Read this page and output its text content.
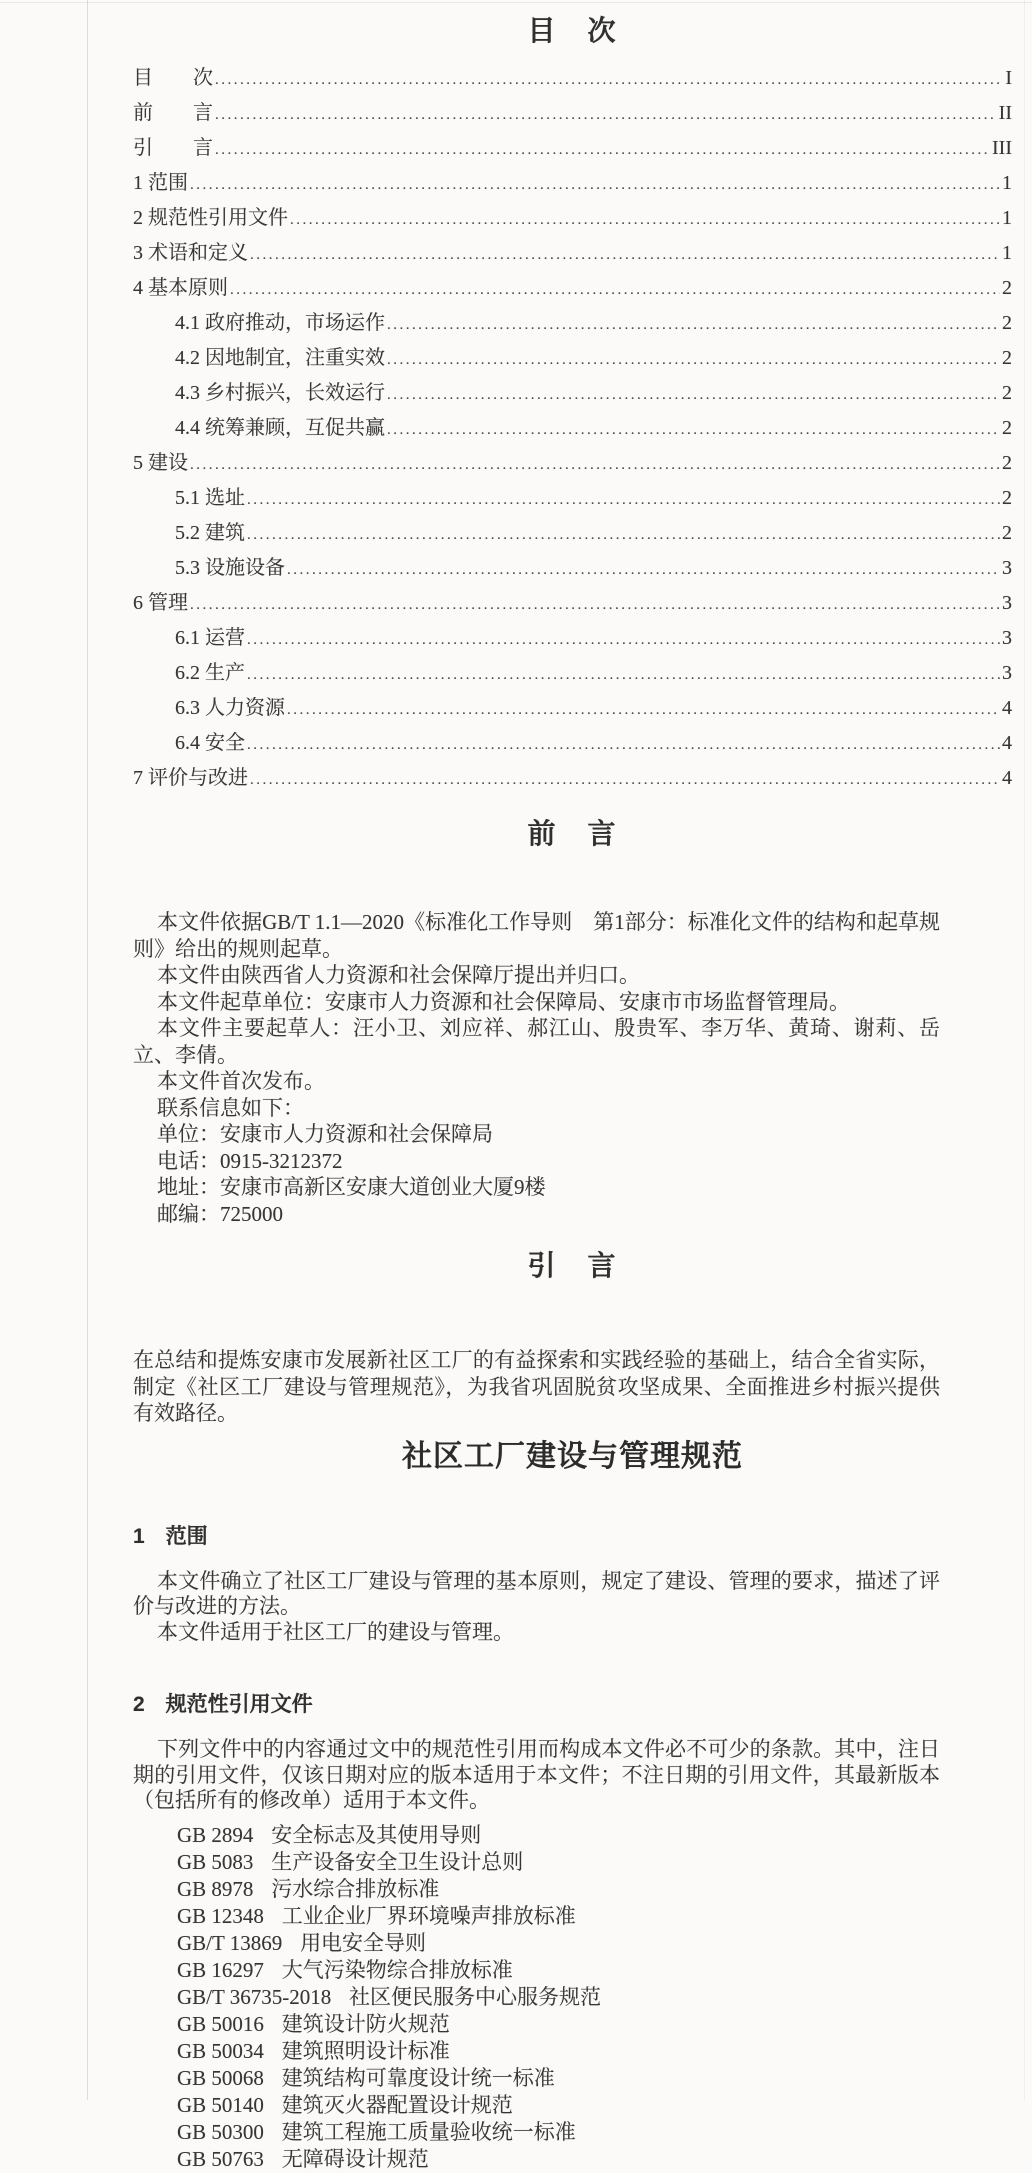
目　次
目　　次 .....	I
前　　言 .....	II
引　　言 .....	III
1 范围 .....	1
2 规范性引用文件 .....	1
3 术语和定义 .....	1
4 基本原则 .....	2
4.1 政府推动，市场运作 .....	2
4.2 因地制宜，注重实效 .....	2
4.3 乡村振兴，长效运行 .....	2
4.4 统筹兼顾，互促共赢 .....	2
5 建设 .....	2
5.1 选址 .....	2
5.2 建筑 .....	2
5.3 设施设备 .....	3
6 管理 .....	3
6.1 运营 .....	3
6.2 生产 .....	3
6.3 人力资源 .....	4
6.4 安全 .....	4
7 评价与改进 .....	4
前　言

本文件依据GB/T 1.1—2020《标准化工作导则　第1部分：标准化文件的结构和起草规则》给出的规则起草。

本文件由陕西省人力资源和社会保障厅提出并归口。

本文件起草单位：安康市人力资源和社会保障局、安康市市场监督管理局。

本文件主要起草人：汪小卫、刘应祥、郝江山、殷贵军、李万华、黄琦、谢莉、岳立、李倩。

本文件首次发布。

联系信息如下：

单位：安康市人力资源和社会保障局

电话：0915-3212372

地址：安康市高新区安康大道创业大厦9楼

邮编：725000

引　言

在总结和提炼安康市发展新社区工厂的有益探索和实践经验的基础上，结合全省实际，制定《社区工厂建设与管理规范》，为我省巩固脱贫攻坚成果、全面推进乡村振兴提供有效路径。

社区工厂建设与管理规范
1　范围

本文件确立了社区工厂建设与管理的基本原则，规定了建设、管理的要求，描述了评价与改进的方法。

本文件适用于社区工厂的建设与管理。

2　规范性引用文件

下列文件中的内容通过文中的规范性引用而构成本文件必不可少的条款。其中，注日期的引用文件，仅该日期对应的版本适用于本文件；不注日期的引用文件，其最新版本（包括所有的修改单）适用于本文件。

GB 2894 安全标志及其使用导则
GB 5083 生产设备安全卫生设计总则
GB 8978 污水综合排放标准
GB 12348 工业企业厂界环境噪声排放标准
GB/T 13869 用电安全导则
GB 16297 大气污染物综合排放标准
GB/T 36735-2018 社区便民服务中心服务规范
GB 50016 建筑设计防火规范
GB 50034 建筑照明设计标准
GB 50068 建筑结构可靠度设计统一标准
GB 50140 建筑灭火器配置设计规范
GB 50300 建筑工程施工质量验收统一标准
GB 50763 无障碍设计规范
